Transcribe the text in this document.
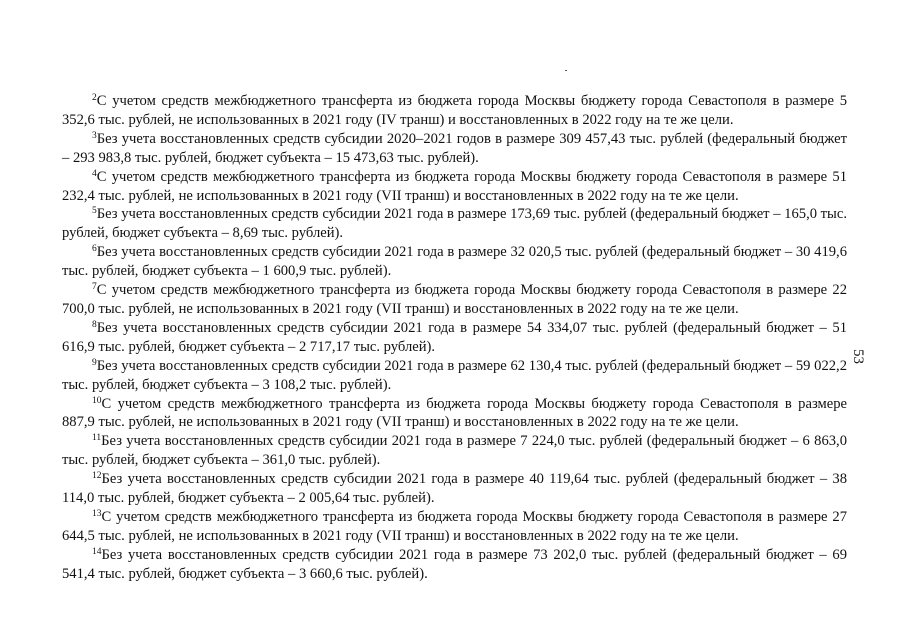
$^2$С учетом средств межбюджетного трансферта из бюджета города Москвы бюджету города Севастополя в размере 5 352,6 тыс. рублей, не использованных в 2021 году (IV транш) и восстановленных в 2022 году на те же цели.

$^3$Без учета восстановленных средств субсидии 2020–2021 годов в размере 309 457,43 тыс. рублей (федеральный бюджет – 293 983,8 тыс. рублей, бюджет субъекта – 15 473,63 тыс. рублей).

$^4$С учетом средств межбюджетного трансферта из бюджета города Москвы бюджету города Севастополя в размере 51 232,4 тыс. рублей, не использованных в 2021 году (VII транш) и восстановленных в 2022 году на те же цели.

$^5$Без учета восстановленных средств субсидии 2021 года в размере 173,69 тыс. рублей (федеральный бюджет – 165,0 тыс. рублей, бюджет субъекта – 8,69 тыс. рублей).

$^6$Без учета восстановленных средств субсидии 2021 года в размере 32 020,5 тыс. рублей (федеральный бюджет – 30 419,6 тыс. рублей, бюджет субъекта – 1 600,9 тыс. рублей).

$^7$С учетом средств межбюджетного трансферта из бюджета города Москвы бюджету города Севастополя в размере 22 700,0 тыс. рублей, не использованных в 2021 году (VII транш) и восстановленных в 2022 году на те же цели.

$^8$Без учета восстановленных средств субсидии 2021 года в размере 54 334,07 тыс. рублей (федеральный бюджет – 51 616,9 тыс. рублей, бюджет субъекта – 2 717,17 тыс. рублей).

$^9$Без учета восстановленных средств субсидии 2021 года в размере 62 130,4 тыс. рублей (федеральный бюджет – 59 022,2 тыс. рублей, бюджет субъекта – 3 108,2 тыс. рублей).

$^{10}$С учетом средств межбюджетного трансферта из бюджета города Москвы бюджету города Севастополя в размере 887,9 тыс. рублей, не использованных в 2021 году (VII транш) и восстановленных в 2022 году на те же цели.

$^{11}$Без учета восстановленных средств субсидии 2021 года в размере 7 224,0 тыс. рублей (федеральный бюджет – 6 863,0 тыс. рублей, бюджет субъекта – 361,0 тыс. рублей).

$^{12}$Без учета восстановленных средств субсидии 2021 года в размере 40 119,64 тыс. рублей (федеральный бюджет – 38 114,0 тыс. рублей, бюджет субъекта – 2 005,64 тыс. рублей).

$^{13}$С учетом средств межбюджетного трансферта из бюджета города Москвы бюджету города Севастополя в размере 27 644,5 тыс. рублей, не использованных в 2021 году (VII транш) и восстановленных в 2022 году на те же цели.

$^{14}$Без учета восстановленных средств субсидии 2021 года в размере 73 202,0 тыс. рублей (федеральный бюджет – 69 541,4 тыс. рублей, бюджет субъекта – 3 660,6 тыс. рублей).

53
